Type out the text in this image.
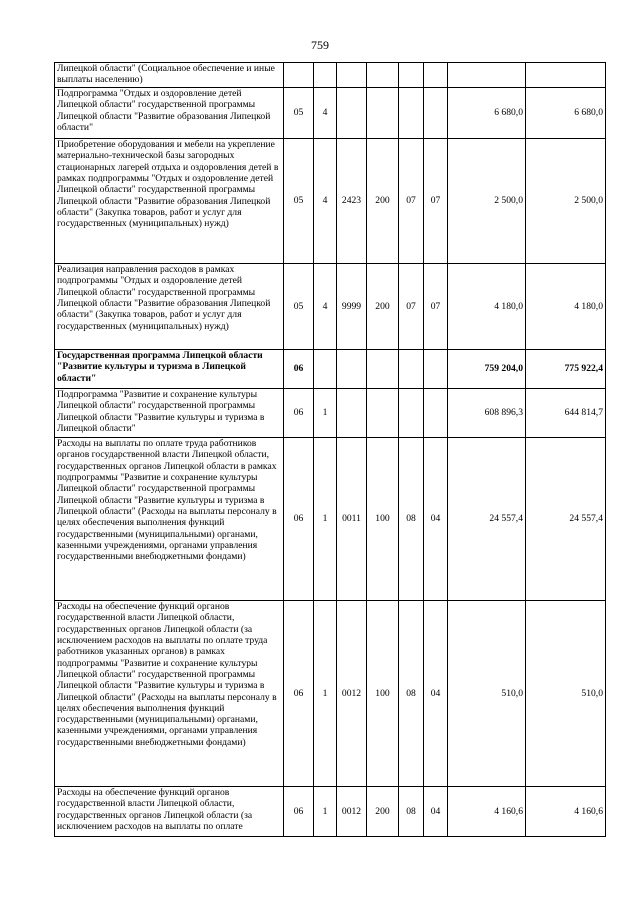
759
Липецкой области" (Социальное обеспечение и иные выплаты населению)								
Подпрограмма "Отдых и оздоровление детей Липецкой области" государственной программы Липецкой области "Развитие образования Липецкой области"	05	4					6 680,0	6 680,0
Приобретение оборудования и мебели на укрепление материально-технической базы загородных стационарных лагерей отдыха и оздоровления детей в рамках подпрограммы "Отдых и оздоровление детей Липецкой области" государственной программы Липецкой области "Развитие образования Липецкой области" (Закупка товаров, работ и услуг для государственных (муниципальных) нужд)	05	4	2423	200	07	07	2 500,0	2 500,0
Реализация направления расходов в рамках подпрограммы "Отдых и оздоровление детей Липецкой области" государственной программы Липецкой области "Развитие образования Липецкой области" (Закупка товаров, работ и услуг для государственных (муниципальных) нужд)	05	4	9999	200	07	07	4 180,0	4 180,0
Государственная программа Липецкой области "Развитие культуры и туризма в Липецкой области"	06						759 204,0	775 922,4
Подпрограмма "Развитие и сохранение культуры Липецкой области" государственной программы Липецкой области "Развитие культуры и туризма в Липецкой области"	06	1					608 896,3	644 814,7
Расходы на выплаты по оплате труда работников органов государственной власти Липецкой области, государственных органов Липецкой области в рамках подпрограммы "Развитие и сохранение культуры Липецкой области" государственной программы Липецкой области "Развитие культуры и туризма в Липецкой области" (Расходы на выплаты персоналу в целях обеспечения выполнения функций государственными (муниципальными) органами, казенными учреждениями, органами управления государственными внебюджетными фондами)	06	1	0011	100	08	04	24 557,4	24 557,4
Расходы на обеспечение функций органов государственной власти Липецкой области, государственных органов Липецкой области (за исключением расходов на выплаты по оплате труда работников указанных органов) в рамках подпрограммы "Развитие и сохранение культуры Липецкой области" государственной программы Липецкой области "Развитие культуры и туризма в Липецкой области" (Расходы на выплаты персоналу в целях обеспечения выполнения функций государственными (муниципальными) органами, казенными учреждениями, органами управления государственными внебюджетными фондами)	06	1	0012	100	08	04	510,0	510,0
Расходы на обеспечение функций органов государственной власти Липецкой области, государственных органов Липецкой области (за исключением расходов на выплаты по оплате	06	1	0012	200	08	04	4 160,6	4 160,6
